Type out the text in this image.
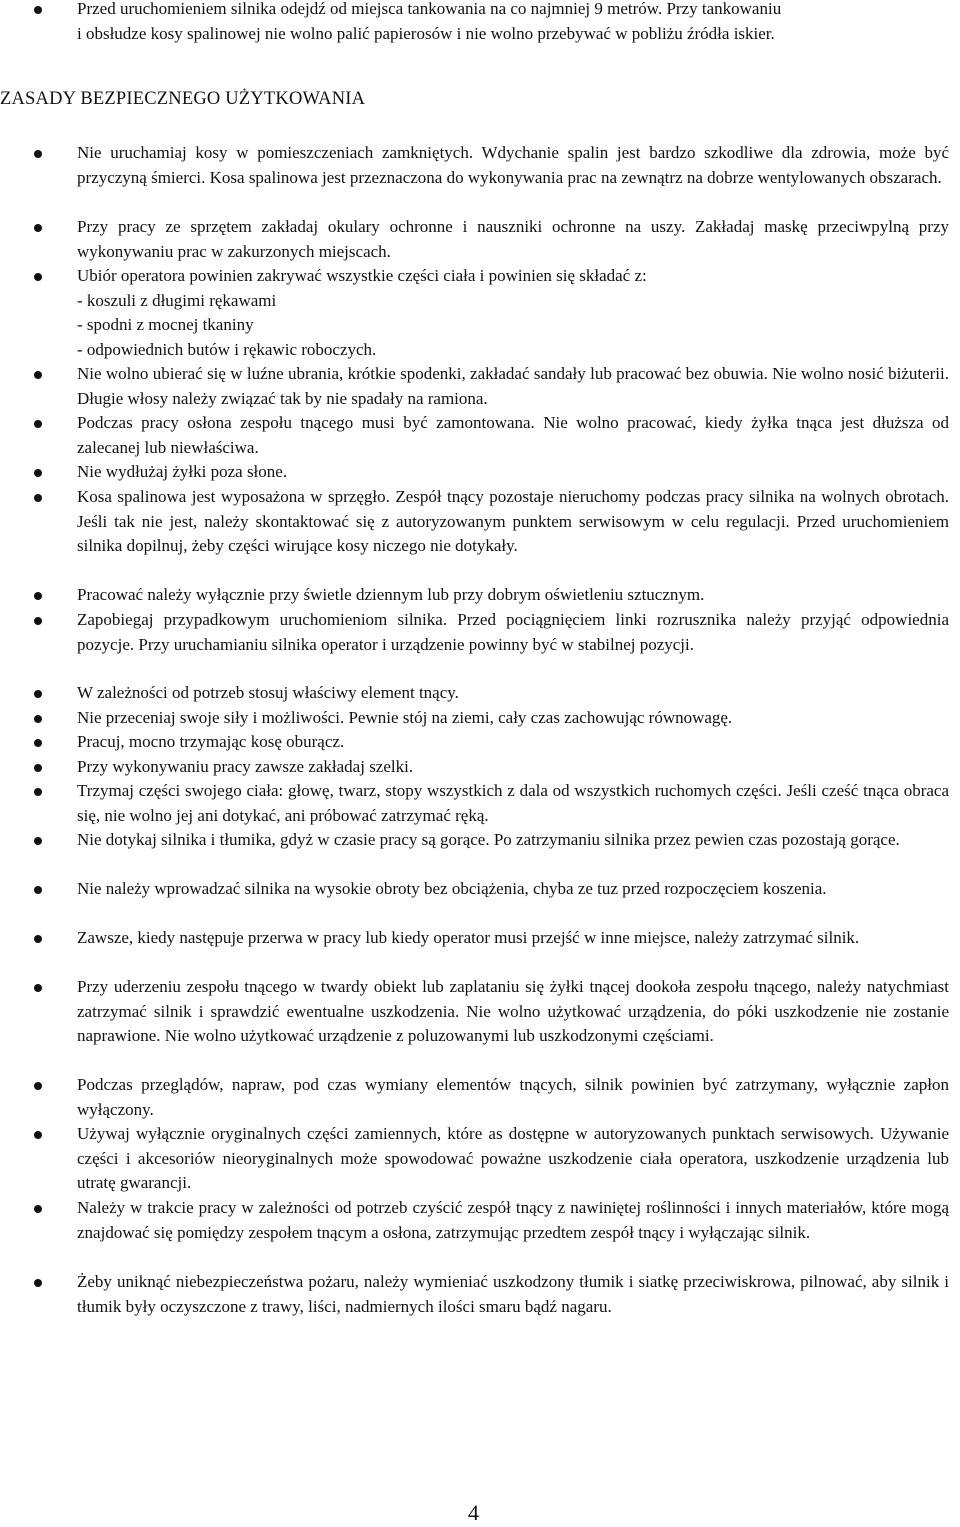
Przed uruchomieniem silnika odejdź od miejsca tankowania na co najmniej 9 metrów. Przy tankowaniu
i obsłudze kosy spalinowej nie wolno palić papierosów i nie wolno przebywać w pobliżu źródła iskier.
ZASADY BEZPIECZNEGO UŻYTKOWANIA
Nie uruchamiaj kosy w pomieszczeniach zamkniętych. Wdychanie spalin jest bardzo szkodliwe dla zdrowia, może być przyczyną śmierci. Kosa spalinowa jest przeznaczona do wykonywania prac na zewnątrz na dobrze wentylowanych obszarach.
Przy pracy ze sprzętem zakładaj okulary ochronne i nauszniki ochronne na uszy. Zakładaj maskę przeciwpylną przy wykonywaniu prac w zakurzonych miejscach.
Ubiór operatora powinien zakrywać wszystkie części ciała i powinien się składać z:
- koszuli z długimi rękawami
- spodni z mocnej tkaniny
- odpowiednich butów i rękawic roboczych.
Nie wolno ubierać się w luźne ubrania, krótkie spodenki, zakładać sandały lub pracować bez obuwia. Nie wolno nosić biżuterii. Długie włosy należy związać tak by nie spadały na ramiona.
Podczas pracy osłona zespołu tnącego musi być zamontowana. Nie wolno pracować, kiedy żyłka tnąca jest dłuższa od zalecanej lub niewłaściwa.
Nie wydłużaj żyłki poza słone.
Kosa spalinowa jest wyposażona w sprzęgło. Zespół tnący pozostaje nieruchomy podczas pracy silnika na wolnych obrotach. Jeśli tak nie jest, należy skontaktować się z autoryzowanym punktem serwisowym w celu regulacji. Przed uruchomieniem silnika dopilnuj, żeby części wirujące kosy niczego nie dotykały.
Pracować należy wyłącznie przy świetle dziennym lub przy dobrym oświetleniu sztucznym.
Zapobiegaj przypadkowym uruchomieniom silnika. Przed pociągnięciem linki rozrusznika należy przyjąć odpowiednia pozycje. Przy uruchamianiu silnika operator i urządzenie powinny być w stabilnej pozycji.
W zależności od potrzeb stosuj właściwy element tnący.
Nie przeceniaj swoje siły i możliwości. Pewnie stój na ziemi, cały czas zachowując równowagę.
Pracuj, mocno trzymając kosę oburącz.
Przy wykonywaniu pracy zawsze zakładaj szelki.
Trzymaj części swojego ciała: głowę, twarz, stopy wszystkich z dala od wszystkich ruchomych części. Jeśli cześć tnąca obraca się, nie wolno jej ani dotykać, ani próbować zatrzymać ręką.
Nie dotykaj silnika i tłumika, gdyż w czasie pracy są gorące. Po zatrzymaniu silnika przez pewien czas pozostają gorące.
Nie należy wprowadzać silnika na wysokie obroty bez obciążenia, chyba ze tuz przed rozpoczęciem koszenia.
Zawsze, kiedy następuje przerwa w pracy lub kiedy operator musi przejść w inne miejsce, należy zatrzymać silnik.
Przy uderzeniu zespołu tnącego w twardy obiekt lub zaplataniu się żyłki tnącej dookoła zespołu tnącego, należy natychmiast zatrzymać silnik i sprawdzić ewentualne uszkodzenia. Nie wolno użytkować urządzenia, do póki uszkodzenie nie zostanie naprawione. Nie wolno użytkować urządzenie z poluzowanymi lub uszkodzonymi częściami.
Podczas przeglądów, napraw, pod czas wymiany elementów tnących, silnik powinien być zatrzymany, wyłącznie zapłon wyłączony.
Używaj wyłącznie oryginalnych części zamiennych, które as dostępne w autoryzowanych punktach serwisowych. Używanie części i akcesoriów nieoryginalnych może spowodować poważne uszkodzenie ciała operatora, uszkodzenie urządzenia lub utratę gwarancji.
Należy w trakcie pracy w zależności od potrzeb czyścić zespół tnący z nawiniętej roślinności i innych materiałów, które mogą znajdować się pomiędzy zespołem tnącym a osłona, zatrzymując przedtem zespół tnący i wyłączając silnik.
Żeby uniknąć niebezpieczeństwa pożaru, należy wymieniać uszkodzony tłumik i siatkę przeciwiskrowa, pilnować, aby silnik i tłumik były oczyszczone z trawy, liści, nadmiernych ilości smaru bądź nagaru.
4
